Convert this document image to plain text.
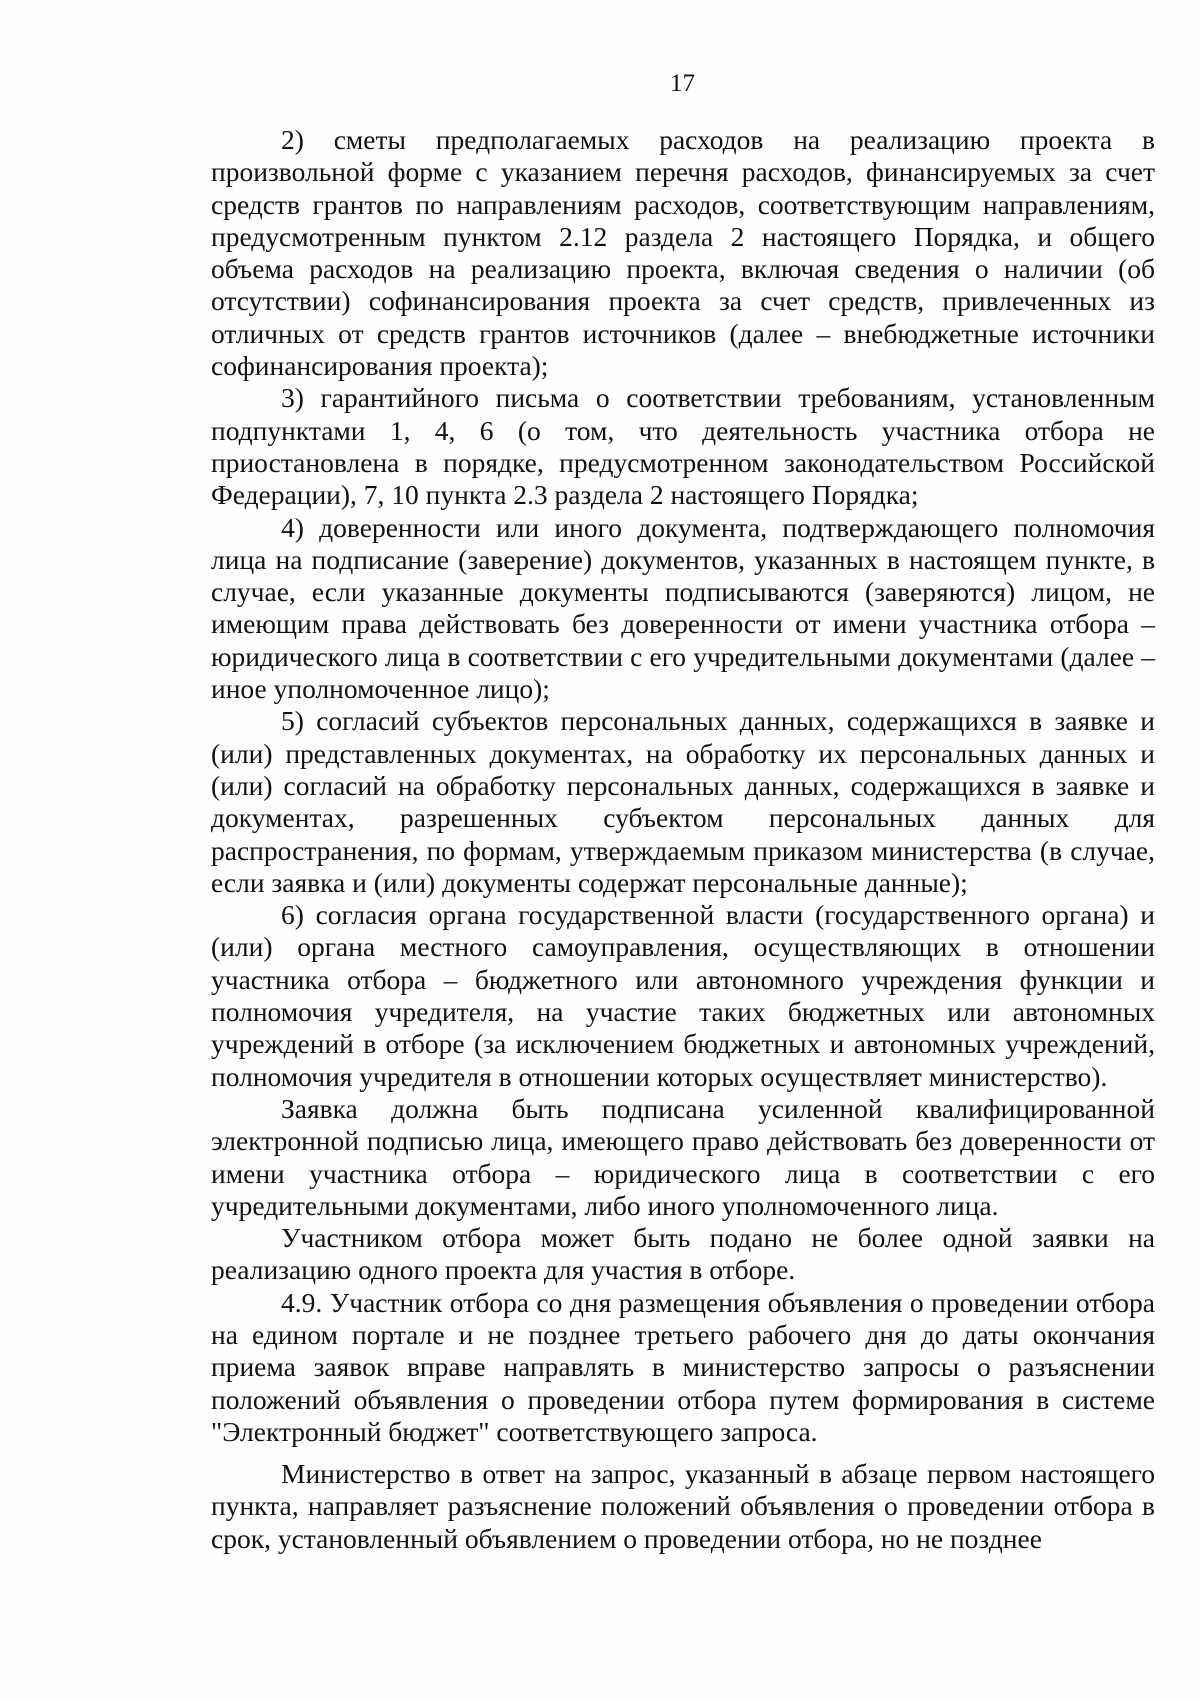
17

2) сметы предполагаемых расходов на реализацию проекта в произвольной форме с указанием перечня расходов, финансируемых за счет средств грантов по направлениям расходов, соответствующим направлениям, предусмотренным пунктом 2.12 раздела 2 настоящего Порядка, и общего объема расходов на реализацию проекта, включая сведения о наличии (об отсутствии) софинансирования проекта за счет средств, привлеченных из отличных от средств грантов источников (далее – внебюджетные источники софинансирования проекта);

3) гарантийного письма о соответствии требованиям, установленным подпунктами 1, 4, 6 (о том, что деятельность участника отбора не приостановлена в порядке, предусмотренном законодательством Российской Федерации), 7, 10 пункта 2.3 раздела 2 настоящего Порядка;

4) доверенности или иного документа, подтверждающего полномочия лица на подписание (заверение) документов, указанных в настоящем пункте, в случае, если указанные документы подписываются (заверяются) лицом, не имеющим права действовать без доверенности от имени участника отбора – юридического лица в соответствии с его учредительными документами (далее – иное уполномоченное лицо);

5) согласий субъектов персональных данных, содержащихся в заявке и (или) представленных документах, на обработку их персональных данных и (или) согласий на обработку персональных данных, содержащихся в заявке и документах, разрешенных субъектом персональных данных для распространения, по формам, утверждаемым приказом министерства (в случае, если заявка и (или) документы содержат персональные данные);

6) согласия органа государственной власти (государственного органа) и (или) органа местного самоуправления, осуществляющих в отношении участника отбора – бюджетного или автономного учреждения функции и полномочия учредителя, на участие таких бюджетных или автономных учреждений в отборе (за исключением бюджетных и автономных учреждений, полномочия учредителя в отношении которых осуществляет министерство).

Заявка должна быть подписана усиленной квалифицированной электронной подписью лица, имеющего право действовать без доверенности от имени участника отбора – юридического лица в соответствии с его учредительными документами, либо иного уполномоченного лица.

Участником отбора может быть подано не более одной заявки на реализацию одного проекта для участия в отборе.

4.9. Участник отбора со дня размещения объявления о проведении отбора на едином портале и не позднее третьего рабочего дня до даты окончания приема заявок вправе направлять в министерство запросы о разъяснении положений объявления о проведении отбора путем формирования в системе "Электронный бюджет" соответствующего запроса.

Министерство в ответ на запрос, указанный в абзаце первом настоящего пункта, направляет разъяснение положений объявления о проведении отбора в срок, установленный объявлением о проведении отбора, но не позднее
